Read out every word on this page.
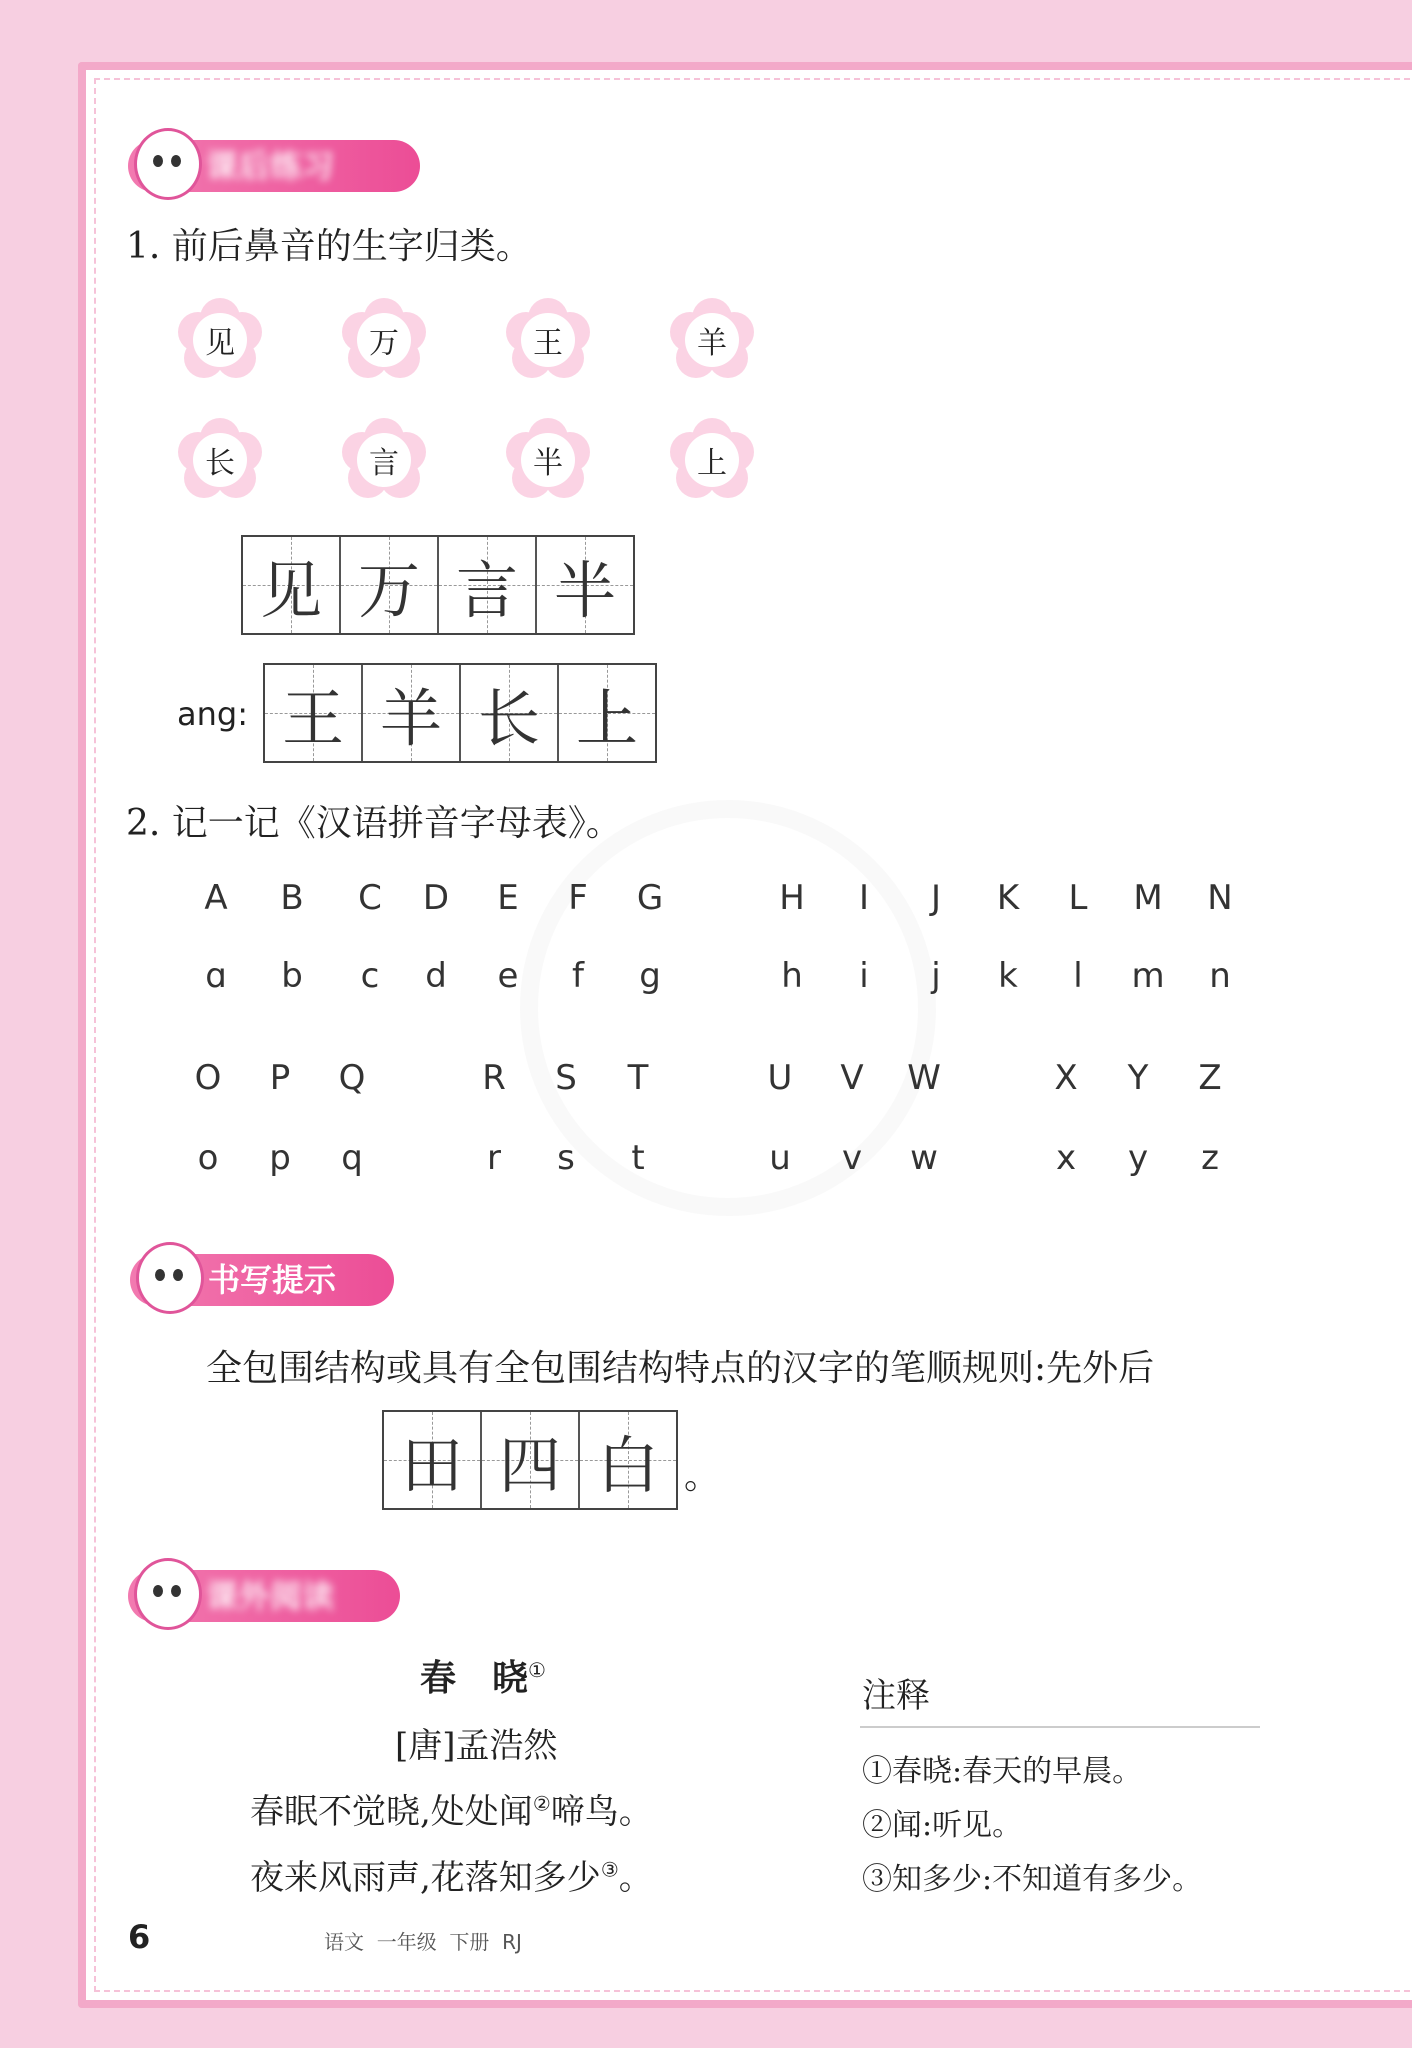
课后练习
1. 前后鼻音的生字归类。
见	万	王	羊
长	言	半	上
an: 见 万 言 半
ang: 王 羊 长 上
2. 记一记《汉语拼音字母表》。
A	B	C	D	E	F	G	H	I	J	K	L	M	N
ɑ	b	c	d	e	f	g	h	i	j	k	l	m	n
O	P	Q	R	S	T	U	V	W	X	Y	Z
o	p	q	r	s	t	u	v	w	x	y	z
书写提示
全包围结构或具有全包围结构特点的汉字的笔顺规则:先外后
田 四 白 。
课外阅读
春　晓①
[唐]孟浩然
春眠不觉晓,处处闻②啼鸟。
夜来风雨声,花落知多少③。
注释
①春晓:春天的早晨。
②闻:听见。
③知多少:不知道有多少。
6	语文  一年级  下册  RJ
